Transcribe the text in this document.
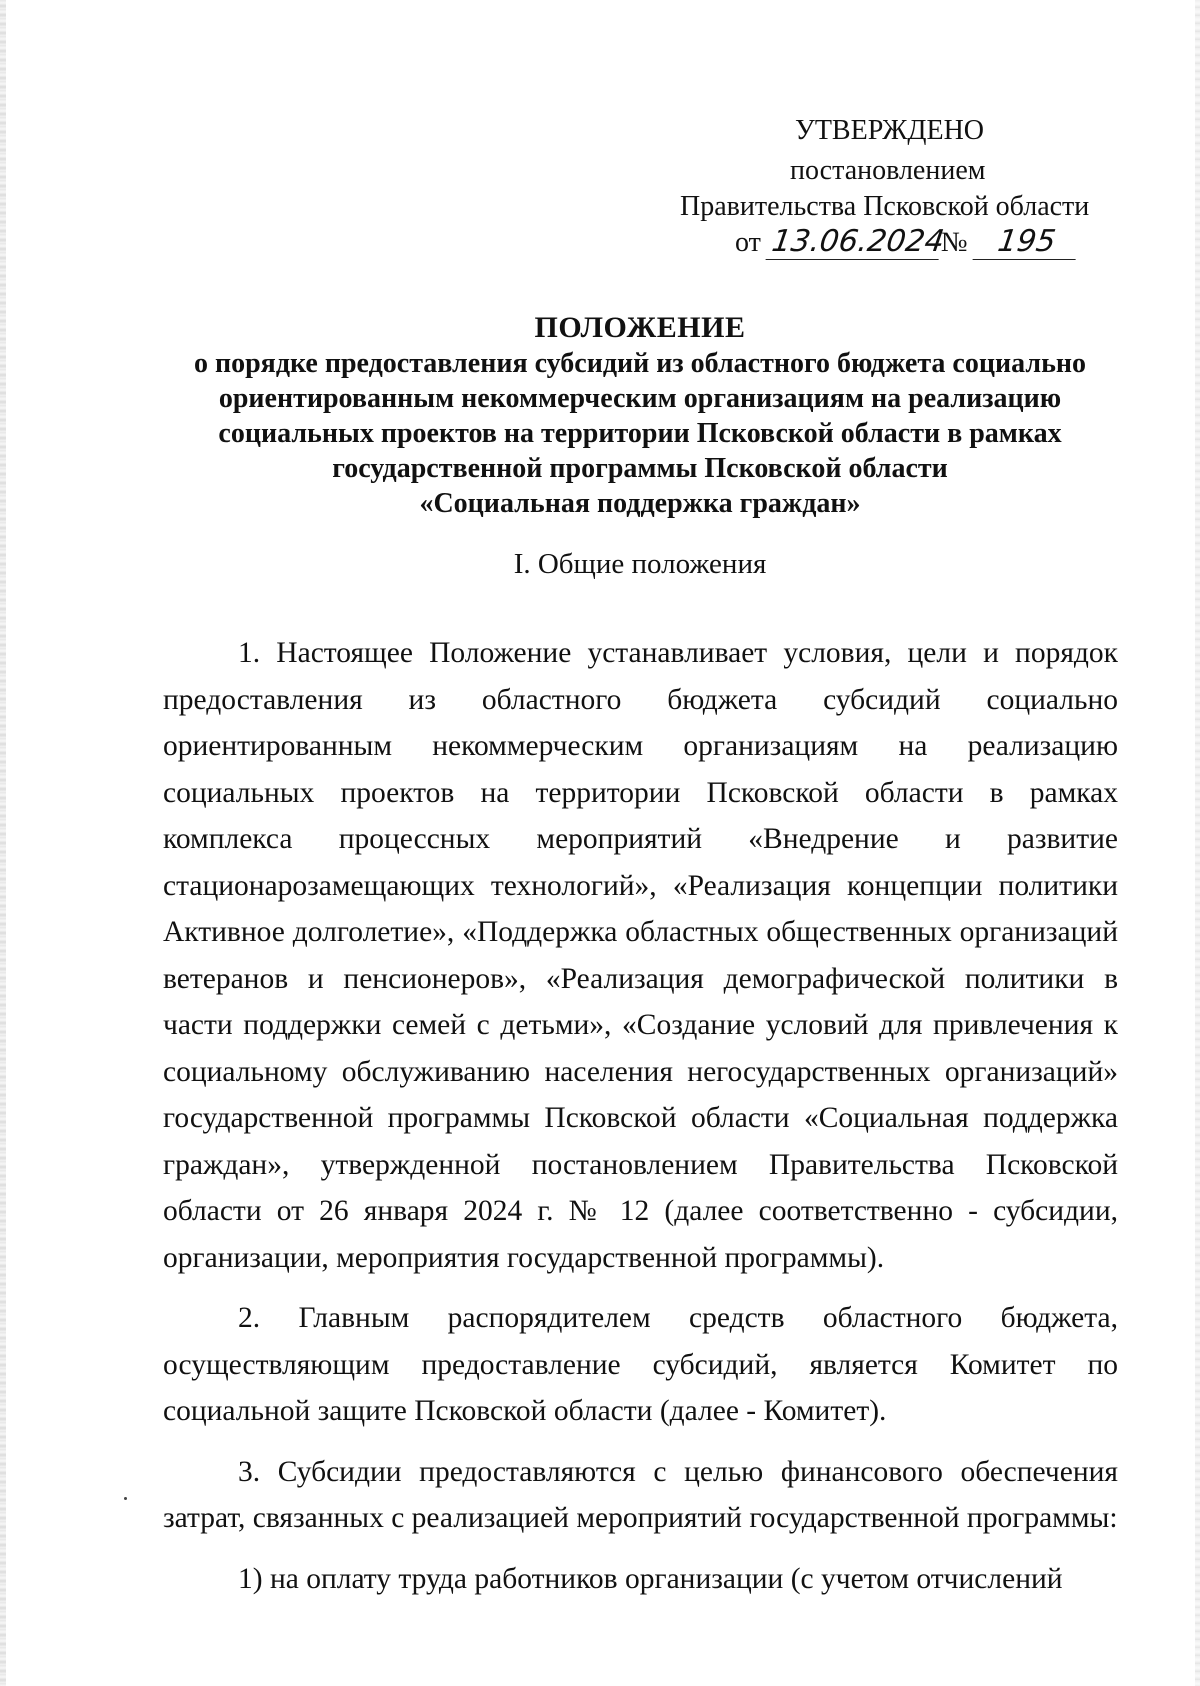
УТВЕРЖДЕНО
постановлением
Правительства Псковской области
от 13.06.2024№ 195
ПОЛОЖЕНИЕ
о порядке предоставления субсидий из областного бюджета социально
ориентированным некоммерческим организациям на реализацию
социальных проектов на территории Псковской области в рамках
государственной программы Псковской области
«Социальная поддержка граждан»
I. Общие положения

1. Настоящее Положение устанавливает условия, цели и порядок предоставления из областного бюджета субсидий социально ориентированным некоммерческим организациям на реализацию социальных проектов на территории Псковской области в рамках комплекса процессных мероприятий «Внедрение и развитие стационарозамещающих технологий», «Реализация концепции политики Активное долголетие», «Поддержка областных общественных организаций ветеранов и пенсионеров», «Реализация демографической политики в части поддержки семей с детьми», «Создание условий для привлечения к социальному обслуживанию населения негосударственных организаций» государственной программы Псковской области «Социальная поддержка граждан», утвержденной постановлением Правительства Псковской области от 26 января 2024 г. № 12 (далее соответственно - субсидии, организации, мероприятия государственной программы).

2. Главным распорядителем средств областного бюджета, осуществляющим предоставление субсидий, является Комитет по социальной защите Псковской области (далее - Комитет).

3. Субсидии предоставляются с целью финансового обеспечения затрат, связанных с реализацией мероприятий государственной программы:

1) на оплату труда работников организации (с учетом отчислений
